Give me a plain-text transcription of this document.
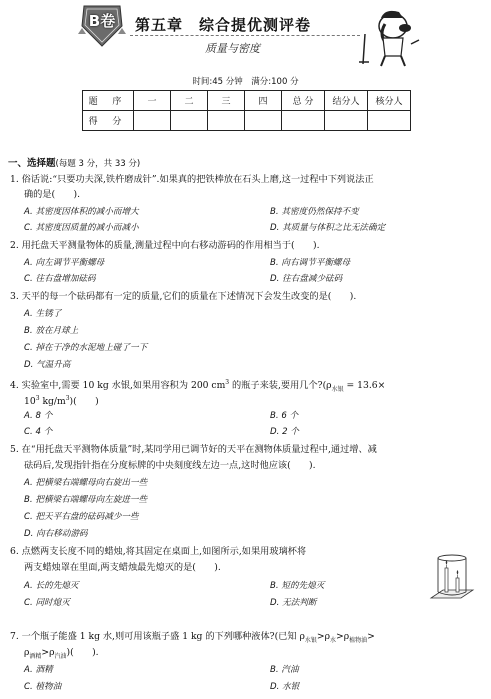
B卷	第五章 综合提优测评卷
质量与密度
时间:45 分钟　满分:100 分
题 序	一	二	三	四	总 分	结分人	核分人
得 分							
一、选择题(每题 3 分，共 33 分)
1. 俗话说:“只要功夫深,铁杵磨成针”.如果真的把铁棒放在石头上磨,这一过程中下列说法正
确的是(　　).
A. 其密度因体积的减小而增大	B. 其密度仍然保持不变
C. 其密度因质量的减小而减小	D. 其质量与体积之比无法确定
2. 用托盘天平测量物体的质量,测量过程中向右移动游码的作用相当于(　　).
A. 向左调节平衡螺母	B. 向右调节平衡螺母
C. 往右盘增加砝码	D. 往右盘减少砝码
3. 天平的每一个砝码都有一定的质量,它们的质量在下述情况下会发生改变的是(　　).
A. 生锈了
B. 放在月球上
C. 掉在干净的水泥地上碰了一下
D. 气温升高
4. 实验室中,需要 10 kg 水银,如果用容积为 200 $cm^3$ 的瓶子来装,要用几个$?(\rho_{水银} = 13.6\times$
$10^3$ $kg/m^3$)(　　)
A. 8 个	B. 6 个
C. 4 个	D. 2 个
5. 在“用托盘天平测物体质量”时,某同学用已调节好的天平在测物体质量过程中,通过增、减
砝码后,发现指针指在分度标牌的中央刻度线左边一点,这时他应该(　　).
A. 把横梁右端螺母向右旋出一些
B. 把横梁右端螺母向左旋进一些
C. 把天平右盘的砝码减少一些
D. 向右移动游码
6. 点燃两支长度不同的蜡烛,将其固定在桌面上,如图所示,如果用玻璃杯将
两支蜡烛罩在里面,两支蜡烛最先熄灭的是(　　).
A. 长的先熄灭	B. 短的先熄灭
C. 同时熄灭	D. 无法判断
7. 一个瓶子能盛 1 kg 水,则可用该瓶子盛 1 kg 的下列哪种液体?(已知 $\rho_{水银}>\rho_水>\rho_{植物油}>$
$\rho_{酒精}>\rho_{汽油}$)(　　).
A. 酒精	B. 汽油
C. 植物油	D. 水银
